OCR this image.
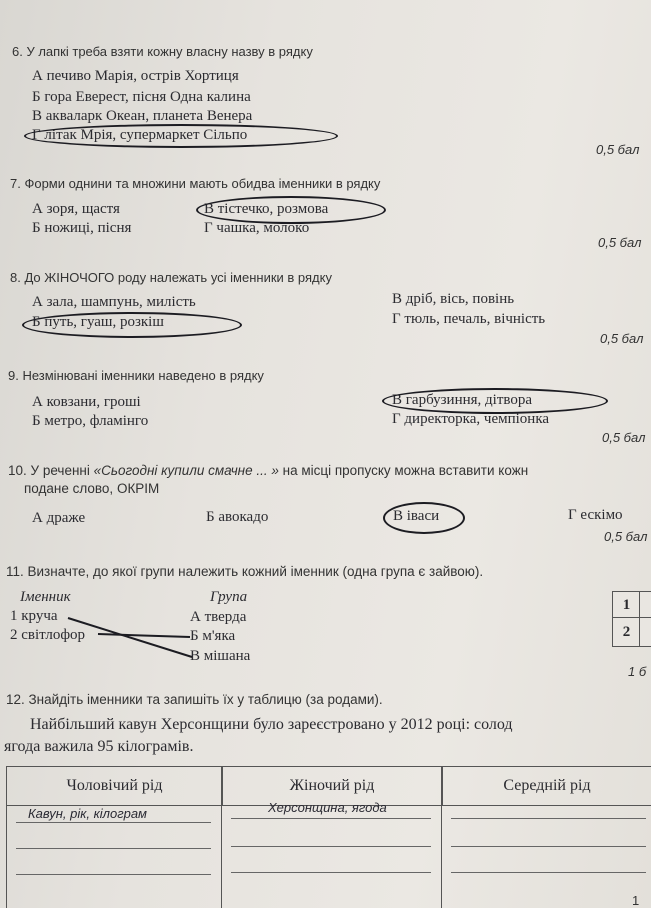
6. У лапкі треба взяти кожну власну назву в рядку
А печиво Марія, острів Хортиця
Б гора Еверест, пісня Одна калина
В акваларк Океан, планета Венера
Г літак Мрія, супермаркет Сільпо
0,5 бал
7. Форми однини та множини мають обидва іменники в рядку
А зоря, щастя
Б ножиці, пісня
В тістечко, розмова
Г чашка, молоко
0,5 бал
8. До ЖІНОЧОГО роду належать усі іменники в рядку
А зала, шампунь, милість
Б путь, гуаш, розкіш
В дріб, вісь, повінь
Г тюль, печаль, вічність
0,5 бал
9. Незмінювані іменники наведено в рядку
А ковзани, гроші
Б метро, фламінго
В гарбузиння, дітвора
Г директорка, чемпіонка
0,5 бал
10. У реченні «Сьогодні купили смачне ... » на місці пропуску можна вставити кожн
подане слово, ОКРІМ
А драже	Б авокадо	В іваси	Г ескімо
0,5 бал
11. Визначте, до якої групи належить кожний іменник (одна група є зайвою).
Іменник	Група
1 круча
2 світлофор
А тверда
Б м'яка
В мішана
1
2
1 б
12. Знайдіть іменники та запишіть їх у таблицю (за родами).
Найбільший кавун Херсонщини було зареєстровано у 2012 році: солод
ягода важила 95 кілограмів.
Чоловічий рід	Жіночий рід	Середній рід
Кавун, рік, кілограм	Херсонщина, ягода
1
